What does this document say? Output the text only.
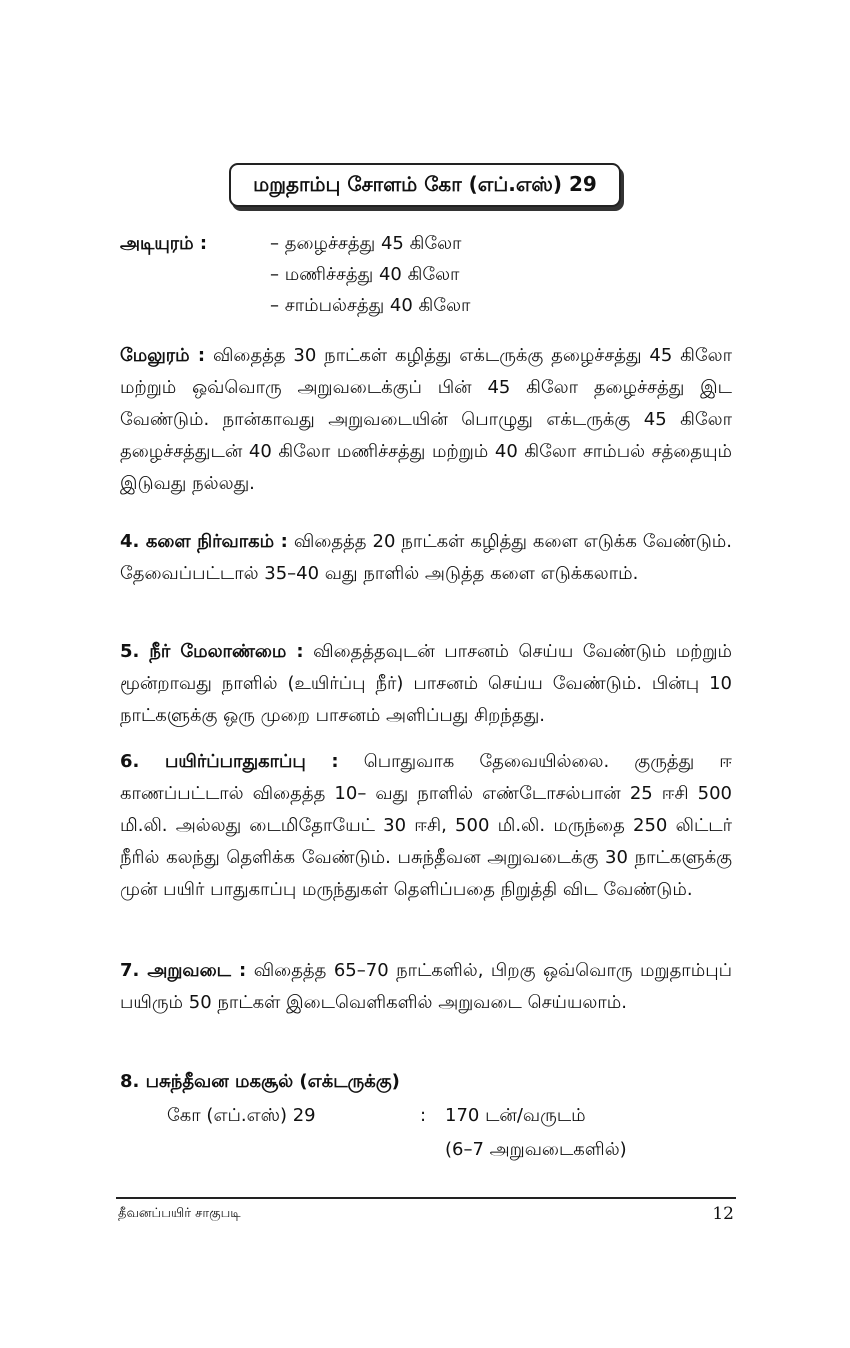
மறுதாம்பு சோளம் கோ (எப்.எஸ்) 29
அடியுரம் :	– தழைச்சத்து 45 கிலோ
– மணிச்சத்து 40 கிலோ
– சாம்பல்சத்து 40 கிலோ

மேலுரம் : விதைத்த 30 நாட்கள் கழித்து எக்டருக்கு தழைச்சத்து 45 கிலோ மற்றும் ஒவ்வொரு அறுவடைக்குப் பின் 45 கிலோ தழைச்சத்து இட வேண்டும். நான்காவது அறுவடையின் பொழுது எக்டருக்கு 45 கிலோ தழைச்சத்துடன் 40 கிலோ மணிச்சத்து மற்றும் 40 கிலோ சாம்பல் சத்தையும் இடுவது நல்லது.

4. களை நிர்வாகம் : விதைத்த 20 நாட்கள் கழித்து களை எடுக்க வேண்டும். தேவைப்பட்டால் 35–40 வது நாளில் அடுத்த களை எடுக்கலாம்.

5. நீர் மேலாண்மை : விதைத்தவுடன் பாசனம் செய்ய வேண்டும் மற்றும் மூன்றாவது நாளில் (உயிர்ப்பு நீர்) பாசனம் செய்ய வேண்டும். பின்பு 10 நாட்களுக்கு ஒரு முறை பாசனம் அளிப்பது சிறந்தது.

6. பயிர்ப்பாதுகாப்பு : பொதுவாக தேவையில்லை. குருத்து ஈ காணப்பட்டால் விதைத்த 10– வது நாளில் எண்டோசல்பான் 25 ஈசி 500 மி.லி. அல்லது டைமிதோயேட் 30 ஈசி, 500 மி.லி. மருந்தை 250 லிட்டர் நீரில் கலந்து தெளிக்க வேண்டும். பசுந்தீவன அறுவடைக்கு 30 நாட்களுக்கு முன் பயிர் பாதுகாப்பு மருந்துகள் தெளிப்பதை நிறுத்தி விட வேண்டும்.

7. அறுவடை : விதைத்த 65–70 நாட்களில், பிறகு ஒவ்வொரு மறுதாம்புப் பயிரும் 50 நாட்கள் இடைவெளிகளில் அறுவடை செய்யலாம்.

8. பசுந்தீவன மகசூல் (எக்டருக்கு)
கோ (எப்.எஸ்) 29	: 170 டன்/வருடம்
(6–7 அறுவடைகளில்)
தீவனப்பயிர் சாகுபடி	12
